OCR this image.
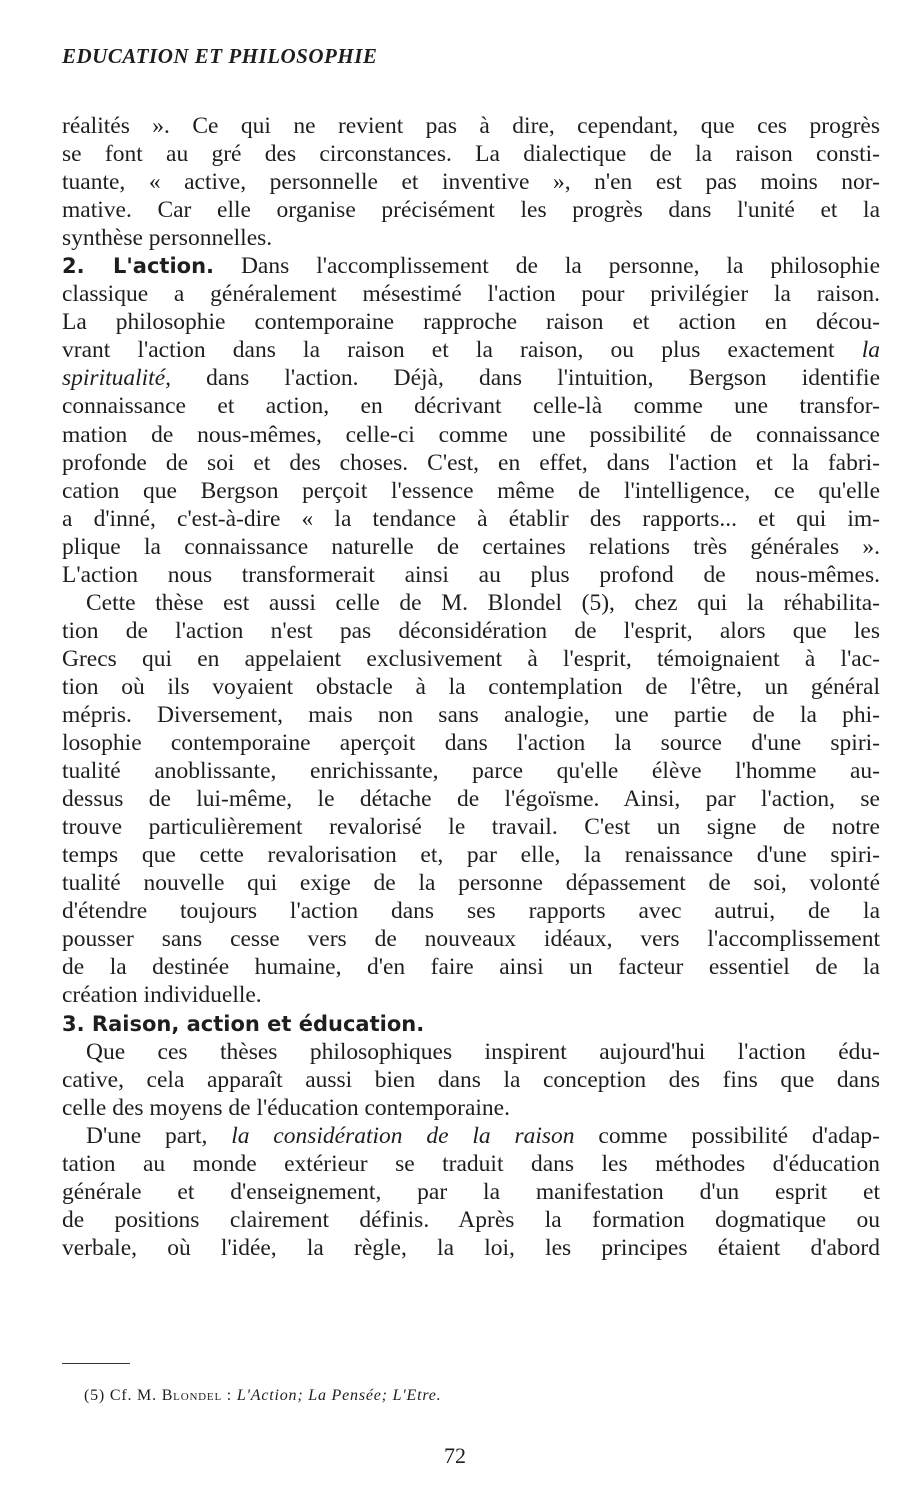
EDUCATION ET PHILOSOPHIE
réalités ». Ce qui ne revient pas à dire, cependant, que ces progrès
se font au gré des circonstances. La dialectique de la raison consti-
tuante, « active, personnelle et inventive », n'en est pas moins nor-
mative. Car elle organise précisément les progrès dans l'unité et la
synthèse personnelles.
2. L'action. Dans l'accomplissement de la personne, la philosophie
classique a généralement mésestimé l'action pour privilégier la raison.
La philosophie contemporaine rapproche raison et action en décou-
vrant l'action dans la raison et la raison, ou plus exactement la
spiritualité, dans l'action. Déjà, dans l'intuition, Bergson identifie
connaissance et action, en décrivant celle-là comme une transfor-
mation de nous-mêmes, celle-ci comme une possibilité de connaissance
profonde de soi et des choses. C'est, en effet, dans l'action et la fabri-
cation que Bergson perçoit l'essence même de l'intelligence, ce qu'elle
a d'inné, c'est-à-dire « la tendance à établir des rapports... et qui im-
plique la connaissance naturelle de certaines relations très générales ».
L'action nous transformerait ainsi au plus profond de nous-mêmes.
Cette thèse est aussi celle de M. Blondel (5), chez qui la réhabilita-
tion de l'action n'est pas déconsidération de l'esprit, alors que les
Grecs qui en appelaient exclusivement à l'esprit, témoignaient à l'ac-
tion où ils voyaient obstacle à la contemplation de l'être, un général
mépris. Diversement, mais non sans analogie, une partie de la phi-
losophie contemporaine aperçoit dans l'action la source d'une spiri-
tualité anoblissante, enrichissante, parce qu'elle élève l'homme au-
dessus de lui-même, le détache de l'égoïsme. Ainsi, par l'action, se
trouve particulièrement revalorisé le travail. C'est un signe de notre
temps que cette revalorisation et, par elle, la renaissance d'une spiri-
tualité nouvelle qui exige de la personne dépassement de soi, volonté
d'étendre toujours l'action dans ses rapports avec autrui, de la
pousser sans cesse vers de nouveaux idéaux, vers l'accomplissement
de la destinée humaine, d'en faire ainsi un facteur essentiel de la
création individuelle.
3. Raison, action et éducation.
Que ces thèses philosophiques inspirent aujourd'hui l'action édu-
cative, cela apparaît aussi bien dans la conception des fins que dans
celle des moyens de l'éducation contemporaine.
D'une part, la considération de la raison comme possibilité d'adap-
tation au monde extérieur se traduit dans les méthodes d'éducation
générale et d'enseignement, par la manifestation d'un esprit et
de positions clairement définis. Après la formation dogmatique ou
verbale, où l'idée, la règle, la loi, les principes étaient d'abord
(5) Cf. M. Blondel : L'Action; La Pensée; L'Etre.
72
